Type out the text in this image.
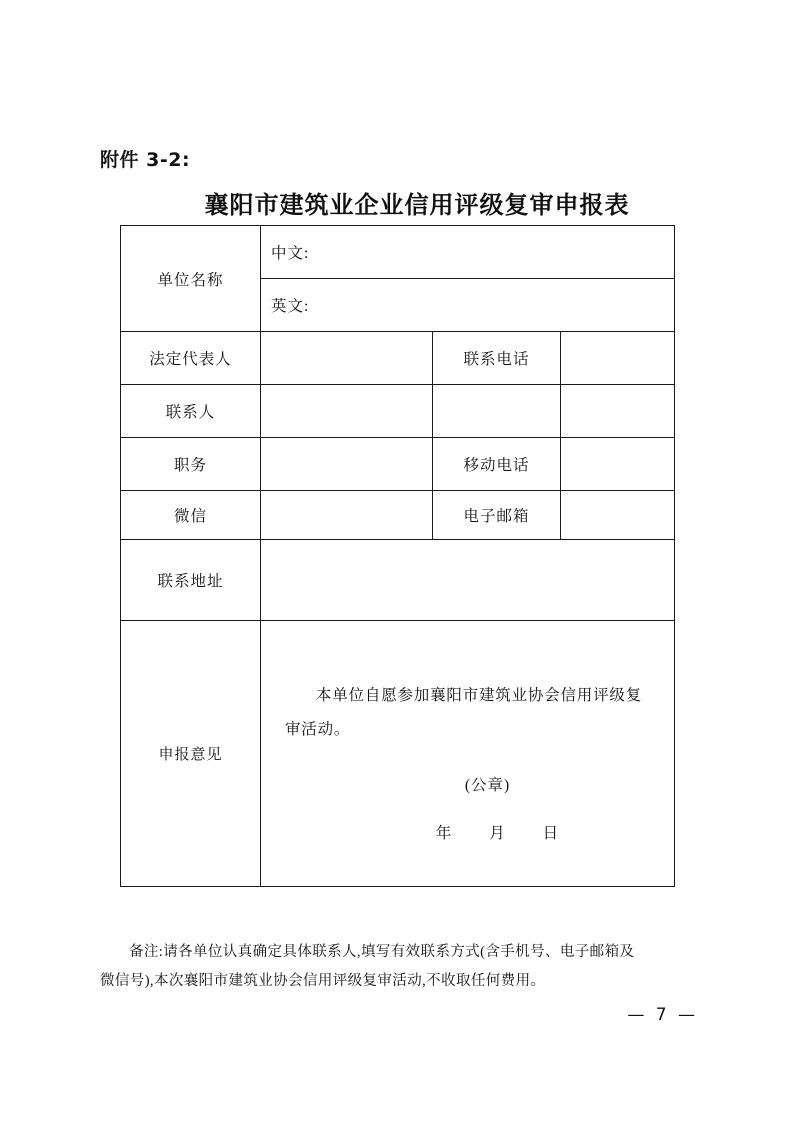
附件 3-2:
襄阳市建筑业企业信用评级复审申报表
单位名称	中文:		
	英文:		
法定代表人		联系电话	
联系人			
职务		移动电话	
微信		电子邮箱	
联系地址			
申报意见	本单位自愿参加襄阳市建筑业协会信用评级复审活动。
(公章)
年 月 日		
备注:请各单位认真确定具体联系人,填写有效联系方式(含手机号、电子邮箱及
微信号),本次襄阳市建筑业协会信用评级复审活动,不收取任何费用。
— 7 —
